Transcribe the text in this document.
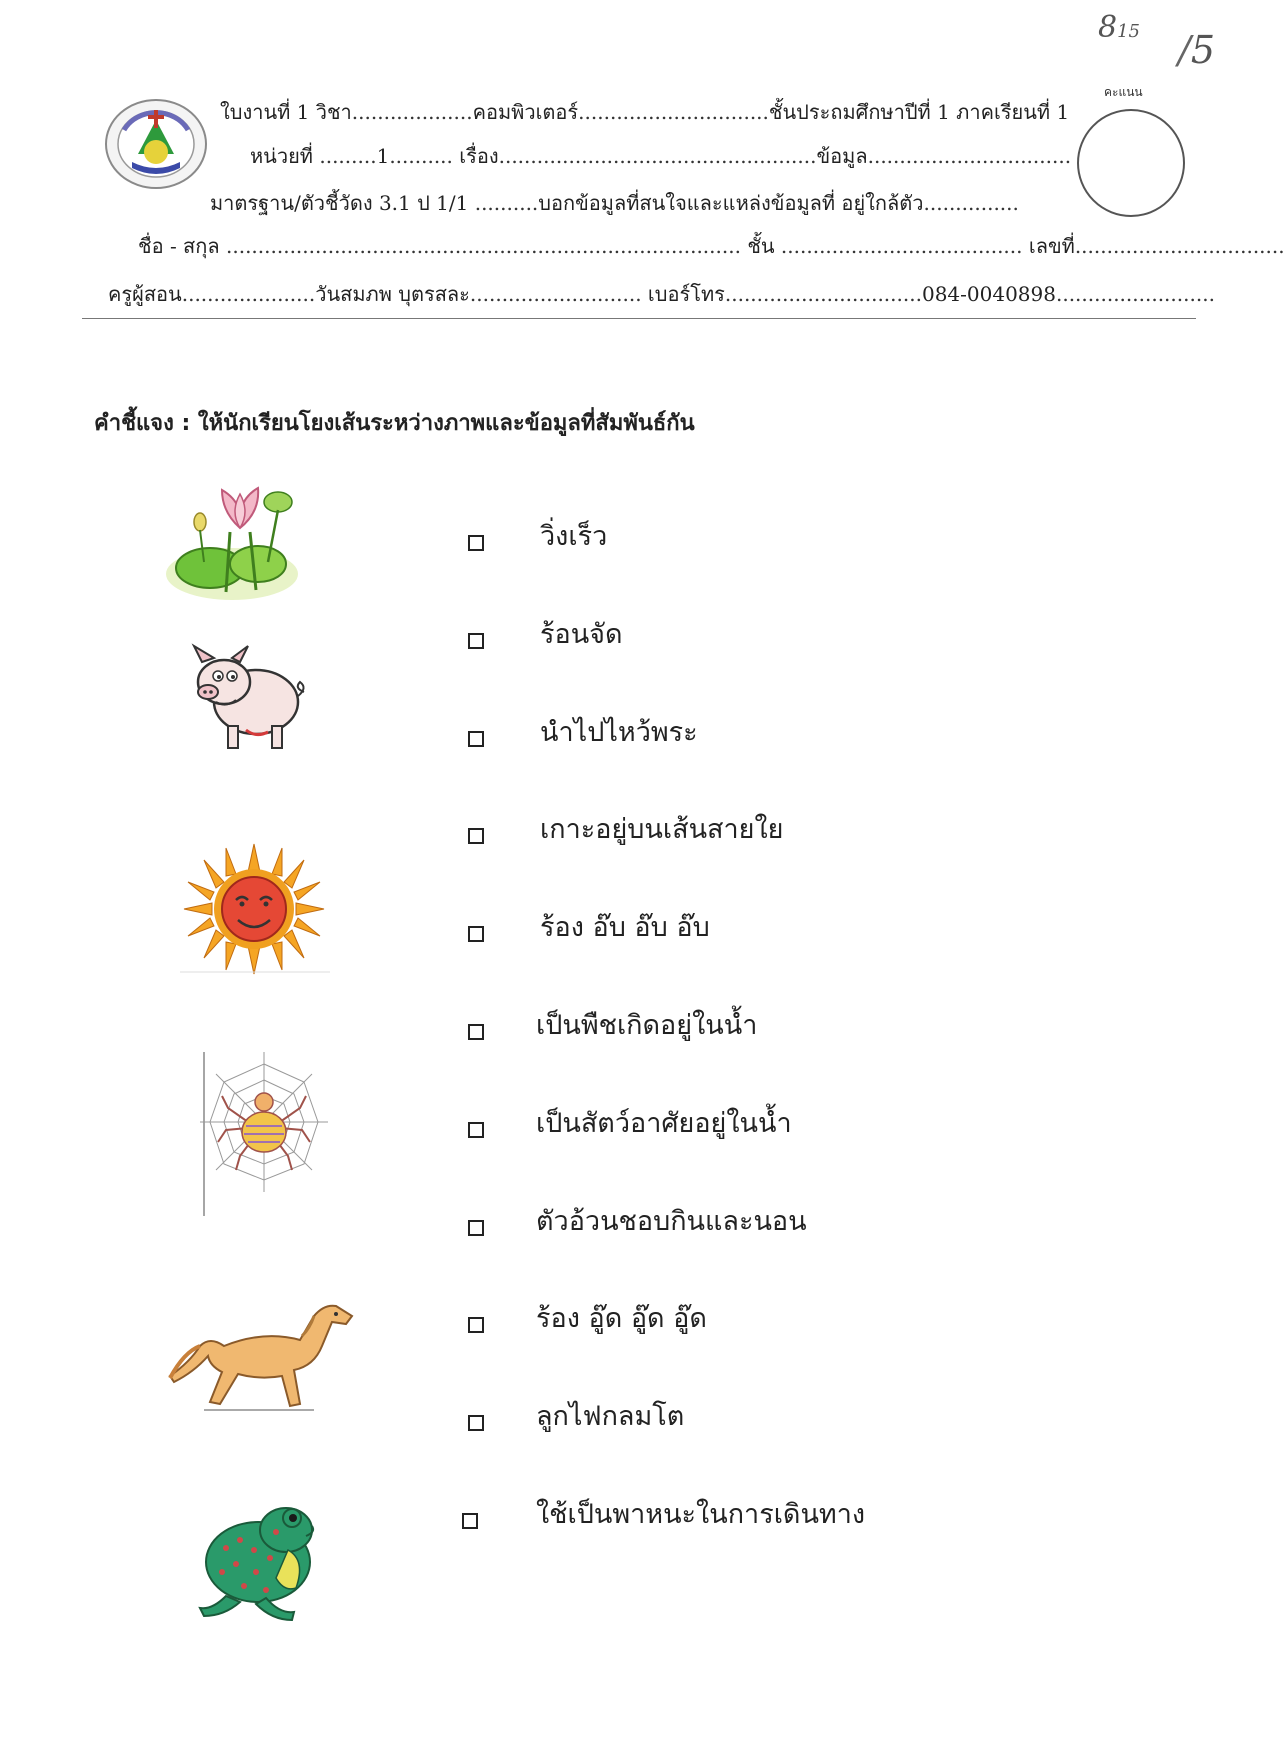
ใบงานที่ 1 วิชา...................คอมพิวเตอร์..............................ชั้นประถมศึกษาปีที่ 1 ภาคเรียนที่ 1
หน่วยที่ .........1.......... เรื่อง..................................................ข้อมูล................................
มาตรฐาน/ตัวชี้วัดง 3.1 ป 1/1 ..........บอกข้อมูลที่สนใจและแหล่งข้อมูลที่ อยู่ใกล้ตัว...............
ชื่อ - สกุล ................................................................................. ชั้น ...................................... เลขที่.................................
ครูผู้สอน.....................วันสมภพ บุตรสละ........................... เบอร์โทร...............................084-0040898.........................
คะแนน
815 /5
คำชี้แจง : ให้นักเรียนโยงเส้นระหว่างภาพและข้อมูลที่สัมพันธ์กัน
วิ่งเร็ว
ร้อนจัด
นำไปไหว้พระ
เกาะอยู่บนเส้นสายใย
ร้อง อ๊บ อ๊บ อ๊บ
เป็นพืชเกิดอยู่ในน้ำ
เป็นสัตว์อาศัยอยู่ในน้ำ
ตัวอ้วนชอบกินและนอน
ร้อง อู๊ด อู๊ด อู๊ด
ลูกไฟกลมโต
ใช้เป็นพาหนะในการเดินทาง
